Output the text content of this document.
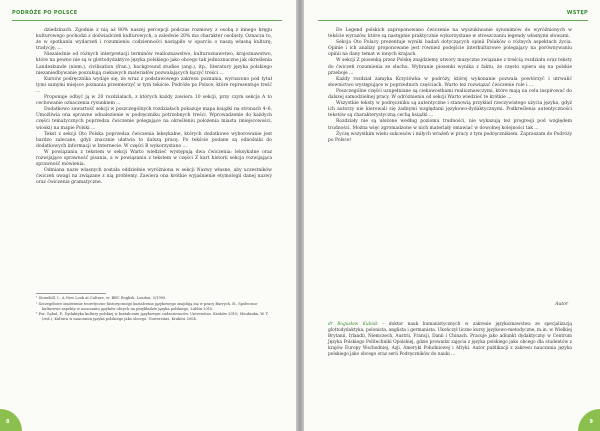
PODRÓŻE PO POLSCE

dziedzinach. Zgodnie z nią aż 80% naszej percepcji podczas rozmowy z osobą z innego kręgu kulturowego pochodzi z doświadczeń kulturowych, a zaledwie 20% ma charakter osobisty. Oznacza to, że w spotkaniu wydarzeń i rozumieniu codzienności nastąpiło w oparciu o naszą własną kulturę, tradycję, ...

Niezależnie od różnych interpretacji terminów realioznawstwo, kulturoznawstwo, krajoznawstwo, które na pewno nie są w glottodydaktyce języka polskiego jako obcego tak jednoznaczne jak określenia Landeskunde (niem.), civilisation (fran.), background studies (ang.), itp., literatury języka polskiego niezaniedbywanie poszukują ciekawych materiałów pozwalających łączyć treści ...

Kursów podręcznika wydaje się, że wraz z podstawowego zakresu poznania, wyruszono pod tytuł tymi samymi miejsce poznania przemierzyć w tym tekście. Podróże po Polsce, które reprezentuje treść ...

Proponuje odbyć ją w 20 rozdziałach, z których każdy zawiera 10 sekcji, przy czym sekcja A to cechowanie oznaczenia rysunkiem ...

Dodatkowo zawartość sekcji w poszczególnych rozdziałach pokazuje mapa książki na stronach 4–6. Umożliwia ona sprawne odnalezienie w podręczniku potrzebnych treści. Wprowadzenie do każdych części tematycznych poprzedza ćwiczenie polegające na określeniu położenia miasta (miejscowości, wioski) na mapie Polski ...

Tekst z sekcji Oto Polska poprzedza ćwiczenia leksykalne, których dodatkowe wyborowanie jest bardzo zalecane, gdyż znacznie ułatwia to dalszą pracę. Po tekście podane są odnośniki do dodatkowych informacji w Internecie. W części B wykorzystano ...

W powiązaniu z tekstem w sekcji Warto wiedzieć występują dwa ćwiczenia: leksykalne oraz rozwijające sprawność pisania, a w powiązaniu z tekstem w części Z kart historii sekcja rozwijająca sprawność mówienia.

Odmiana nazw własnych została oddzielnie wyróżniona w sekcji Nazwy własne, aby uczestników ćwiczeń uwagi na związane z nią problemy. Zawiera ona krótkie wyjaśnienie etymologii danej nazwy oraz ćwiczenia gramatyczne.

¹ Stonehill, I., A New Look at Culture, w: BBC English, London, 5/1995.

² Szczegółowe omówienie teoretyczno-historycznego kształcenia językowego znajdują się w pracy Barrych, B., Społeczno-kulturowe aspekty w nauczaniu języków obcych na przykładzie języka polskiego, Lublin 2010.

³ Por. Gębal, P., Dydaktyka kultury polskiej w kształceniu językowym cudzoziemców, Universitas, Kraków 2010; Miodunka, W. T. (red.), Kultura w nauczaniu języka polskiego jako obcego, Universitas, Kraków 2004.

8
WSTĘP

Do Legend polskich zaproponowano ćwiczenie na wyszukiwanie synonimów do wyróżnionych w tekście wyrazów, które są następnie praktycznie wykorzystane w streszczaniu legendy własnymi słowami.

Sekcja Oto Polacy prezentuje wyniki badań dotyczących opinii Polaków o różnych aspektach życia. Opinie i ich analizy proponowane jest również podejście interkulturowe polegający na porównywaniu opinii na dany temat w innych krajach.

W sekcji Z piosenką przez Polskę znajdziemy utwory muzyczne związane z treścią rozdziału oraz teksty do ćwiczeń rozumienia ze słuchu. Wybranie piosenki wynika z faktu, że często opiera się na polskie przeboje ...

Każdy rozdział zamyka Krzyżówka w podróży, której wykonanie pozwala powtórzyć i utrwalić słownictwo występujące w poprzednich częściach. Warto też rozwiązać ćwiczenie role i ...

Poszczególne części uzupełniane są ciekawostkami realioznawczymi, które mają na celu inspirować do dalszej samodzielnej pracy. W odróżnieniu od sekcji Warto wiedzieć te krótkie ...

Wszystkie teksty w podręczniku są autentyczne i stanowią przykład rzeczywistego użycia języka, gdyż ich autorzy nie kierowali się żadnymi względami językowo-dydaktycznymi. Podkreślenia autentyczności tekstów są charakterystyczną cechą książki ...

Rozdziały nie są ułożone według poziomu trudności, nie wykazują też progresji pod względem trudności. Można więc zgromadzone w nich materiały omawiać w dowolnej kolejności tak ...

Życzę wszystkim wielu sukcesów i miłych wrażeń w pracy z tym podręcznikiem. Zapraszam do Podróży po Polsce!

Autor
dr Bogusław Kubiak – doktor nauk humanistycznych w zakresie językoznawstwa ze specjalizacją glottodydaktyka, polonista, anglista i germanista. Ukończył liczne kursy językowo-metodyczne, m.in. w Wielkiej Brytanii, Irlandii, Niemczech, Austrii, Francji, Danii i Chinach. Pracuje jako adiunkt dydaktyczny w Centrum Języka Polskiego Politechniki Opolskiej, gdzie prowadzi zajęcia z języka polskiego jako obcego dla studentów z krajów Europy Wschodniej, Azji, Ameryki Południowej i Afryki. Autor publikacji z zakresu nauczania języka polskiego jako obcego oraz serii Podręczników do nauki ...
9
